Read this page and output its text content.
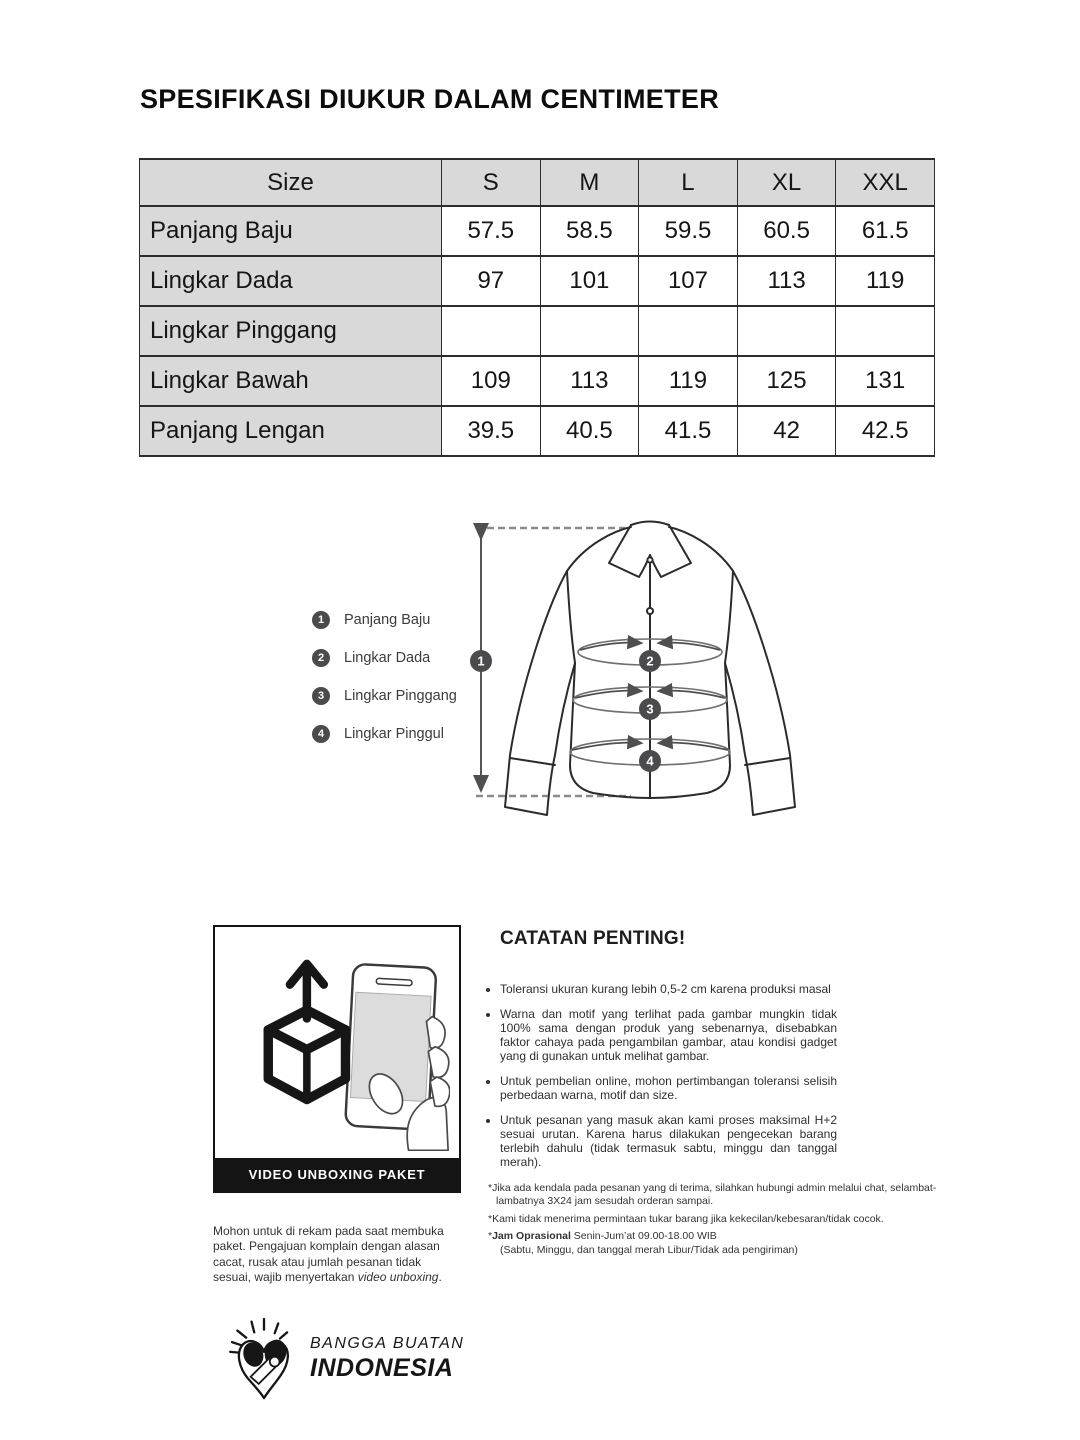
SPESIFIKASI DIUKUR DALAM CENTIMETER
Size	S	M	L	XL	XXL
Panjang Baju	57.5	58.5	59.5	60.5	61.5
Lingkar Dada	97	101	107	113	119
Lingkar Pinggang					
Lingkar Bawah	109	113	119	125	131
Panjang Lengan	39.5	40.5	41.5	42	42.5
1	Panjang Baju
2	Lingkar Dada
3	Lingkar Pinggang
4	Lingkar Pinggul
1	2
3
4
VIDEO UNBOXING PAKET

Mohon untuk di rekam pada saat membuka paket. Pengajuan komplain dengan alasan cacat, rusak atau jumlah pesanan tidak sesuai, wajib menyertakan video unboxing.

CATATAN PENTING!
• Toleransi ukuran kurang lebih 0,5-2 cm karena produksi masal
• Warna dan motif yang terlihat pada gambar mungkin tidak 100% sama dengan produk yang sebenarnya, disebabkan faktor cahaya pada pengambilan gambar, atau kondisi gadget yang di gunakan untuk melihat gambar.
• Untuk pembelian online, mohon pertimbangan toleransi selisih perbedaan warna, motif dan size.
• Untuk pesanan yang masuk akan kami proses maksimal H+2 sesuai urutan. Karena harus dilakukan pengecekan barang terlebih dahulu (tidak termasuk sabtu, minggu dan tanggal merah).
*Jika ada kendala pada pesanan yang di terima, silahkan hubungi admin melalui chat, selambat-lambatnya 3X24 jam sesudah orderan sampai.
*Kami tidak menerima permintaan tukar barang jika kekecilan/kebesaran/tidak cocok.
*Jam Oprasional Senin-Jum’at 09.00-18.00 WIB
(Sabtu, Minggu, dan tanggal merah Libur/Tidak ada pengiriman)
BANGGA BUATAN
INDONESIA
